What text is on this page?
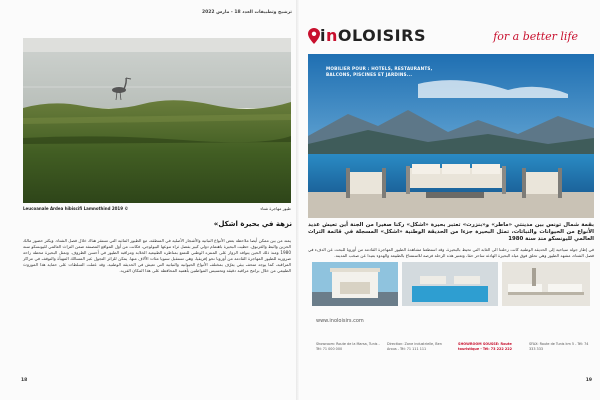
ترشيح وتطبيقات العدد 18 - مارس 2022
Leucoanale Ardea hibiscifi Lamnothind 2019 ©	طيور مهاجرة شتاء
نزهة في بحيرة اشكل»
يمتد من بين ممكن أيضا ملاحظة بعض الأنواع النباتية والأشجار الأصلية في المنطقة، مع الطيور المائية التي تستقر هناك خلال فصل الشتاء. ويكثر حضور مالك الحزين والبط والغرنوق. حظيت البحيرة باهتمام دولي كبير بفضل ثراء تنوعها البيولوجي، فكانت من أول المواقع المصنفة ضمن التراث العالمي لليونسكو سنة 1980 ومنذ ذلك الحين يتوافد الزوار على المنتزه الوطني للتمتع بمناظره الطبيعية الخلابة ومراقبة الطيور في أحسن الظروف. وتمثل البحيرة محطة راحة ضرورية للطيور المهاجرة القادمة من أوروبا نحو إفريقيا، وهي تستقبل سنويا مئات الآلاف منها. يمكن للزائر التجول عبر المسالك المهيأة والتوقف في مراكز المراقبة، كما يوجد متحف بيئي يعرّف بمختلف الأنواع الحيوانية والنباتية التي تعيش في الحديقة الوطنية. وقد عملت السلطات على حماية هذا الموروث الطبيعي من خلال برامج مراقبة دقيقة وتحسيس المواطنين بأهمية المحافظة على هذا المكان الفريد.
18
inOLOISIRS	for a better life
MOBILIER POUR : HOTELS, RESTAURANTS,
BALCONS, PISCINES ET JARDINS...
بقمة شمال تونس بين مدينتي «ماطر» و«بنزرت» تعتبر بحيرة «اشكل» ركنا صغيرا من الجنة أين تعيش عديد الأنواع من الحيوانات والنباتات، تمثل البحيرة جزءا من الحديقة الوطنية «اشكل» المسجلة في قائمة التراث العالمي لليونسكو منذ سنة 1980
في إطار جولة سياحية إلى الحديقة الوطنية كانت رحلتنا الى الغابة التي تحيط بالبحيرة، وقد استطعنا مشاهدة الطيور المهاجرة القادمة من أوروبا للبحث عن الدفء في فصل الشتاء، مشهد الطيور وهي تحلق فوق مياه البحيرة الهادئة ساحر حقا، وتعتبر هذه الرحلة فرصة للاستمتاع بالطبيعة والهدوء بعيدا عن صخب المدينة.
www.inoloisirs.com
Showroom: Route de la Marsa, Tunis - Tél: 71 000 000
Direction: Zone industrielle, Ben Arous - Tél: 71 111 111
SHOWROOM SOUSSE: Route touristique - Tél: 73 222 222
SFAX: Route de Tunis km 5 - Tél: 74 333 333
19
